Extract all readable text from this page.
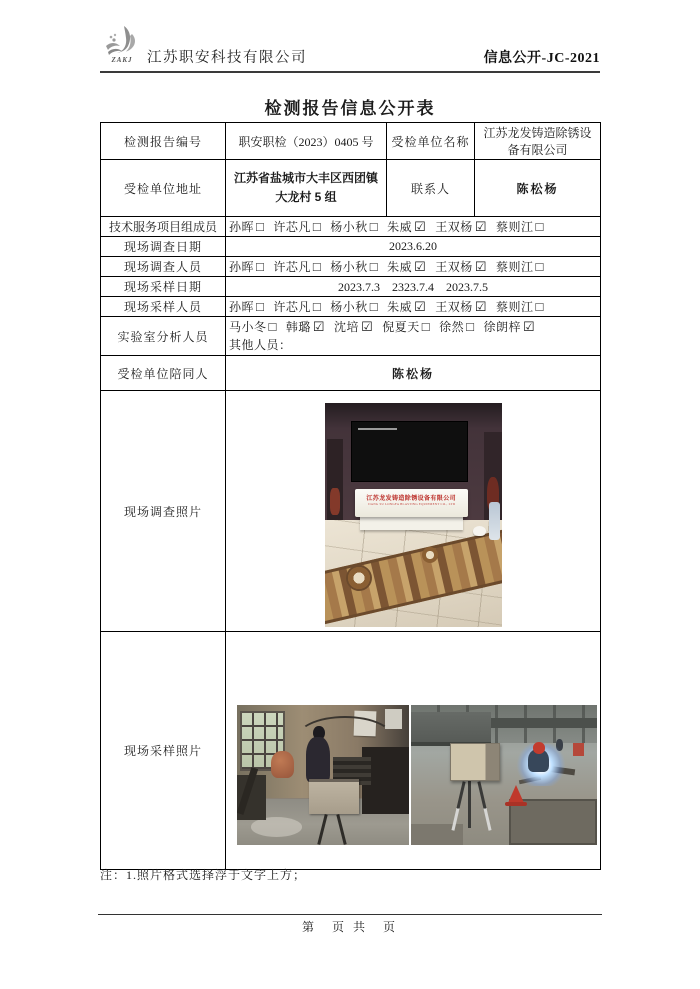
ZAKJ 江苏职安科技有限公司	信息公开-JC-2021
检测报告信息公开表
检测报告编号	职安职检（2023）0405 号	受检单位名称	江苏龙发铸造除锈设备有限公司
受检单位地址	江苏省盐城市大丰区西团镇大龙村 5 组	联系人	陈松杨
技术服务项目组成员	孙晖 □ 许芯凡 □ 杨小秋 □ 朱威 ☑ 王双杨 ☑ 蔡则江 □		
现场调查日期	2023.6.20		
现场调查人员	孙晖 □ 许芯凡 □ 杨小秋 □ 朱威 ☑ 王双杨 ☑ 蔡则江 □		
现场采样日期	2023.7.3　2323.7.4　2023.7.5		
现场采样人员	孙晖 □ 许芯凡 □ 杨小秋 □ 朱威 ☑ 王双杨 ☑ 蔡则江 □		
实验室分析人员	马小冬 □ 韩璐 ☑ 沈培 ☑ 倪夏天 □ 徐然 □ 徐朗梓 ☑
其他人员：		

受检单位陪同人	陈松杨		
现场调查照片	江苏龙发铸造除锈设备有限公司
JIANG SU LONGFA BLASTING EQUIPMENT CO., LTD		

现场采样照片			
注：1.照片格式选择浮于文字上方；
第　页 共　页
